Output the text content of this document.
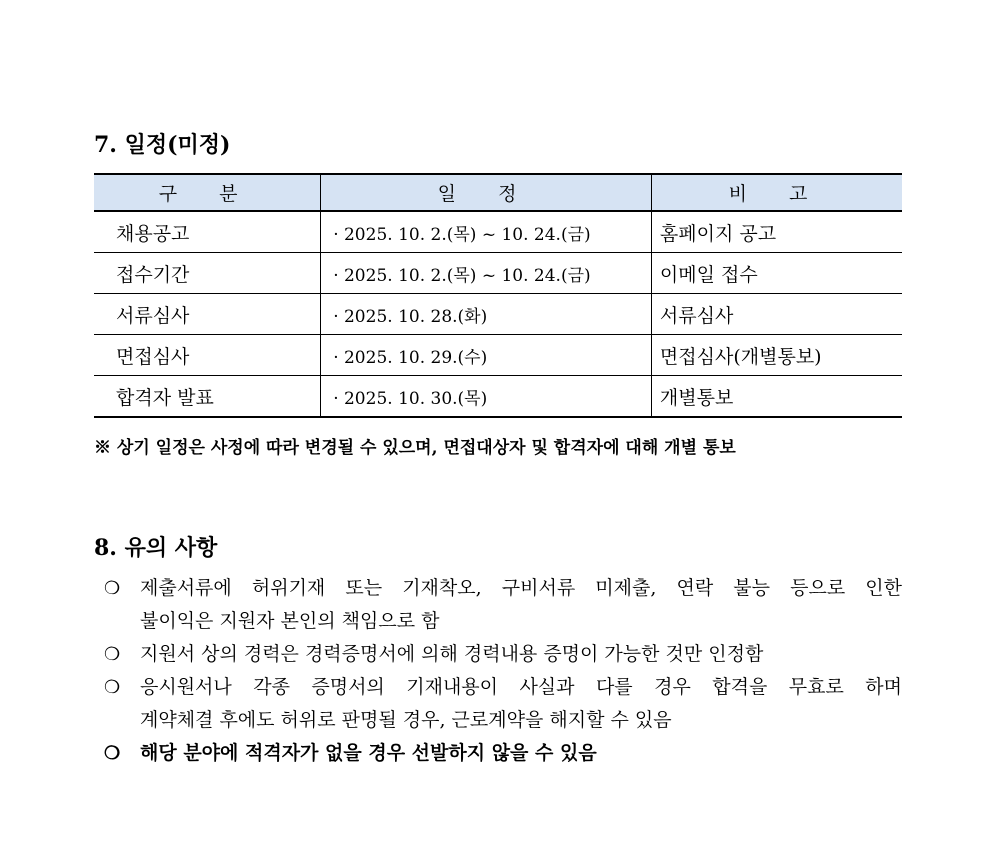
7. 일정(미정)
구 분	일 정	비 고
채용공고	· 2025. 10. 2.(목) ~ 10. 24.(금)	홈페이지 공고
접수기간	· 2025. 10. 2.(목) ~ 10. 24.(금)	이메일 접수
서류심사	· 2025. 10. 28.(화)	서류심사
면접심사	· 2025. 10. 29.(수)	면접심사(개별통보)
합격자 발표	· 2025. 10. 30.(목)	개별통보
※ 상기 일정은 사정에 따라 변경될 수 있으며, 면접대상자 및 합격자에 대해 개별 통보
8. 유의 사항
❍	제출서류에 허위기재 또는 기재착오, 구비서류 미제출, 연락 불능 등으로 인한
불이익은 지원자 본인의 책임으로 함
❍	지원서 상의 경력은 경력증명서에 의해 경력내용 증명이 가능한 것만 인정함
❍	응시원서나 각종 증명서의 기재내용이 사실과 다를 경우 합격을 무효로 하며
계약체결 후에도 허위로 판명될 경우, 근로계약을 해지할 수 있음
❍	해당 분야에 적격자가 없을 경우 선발하지 않을 수 있음
